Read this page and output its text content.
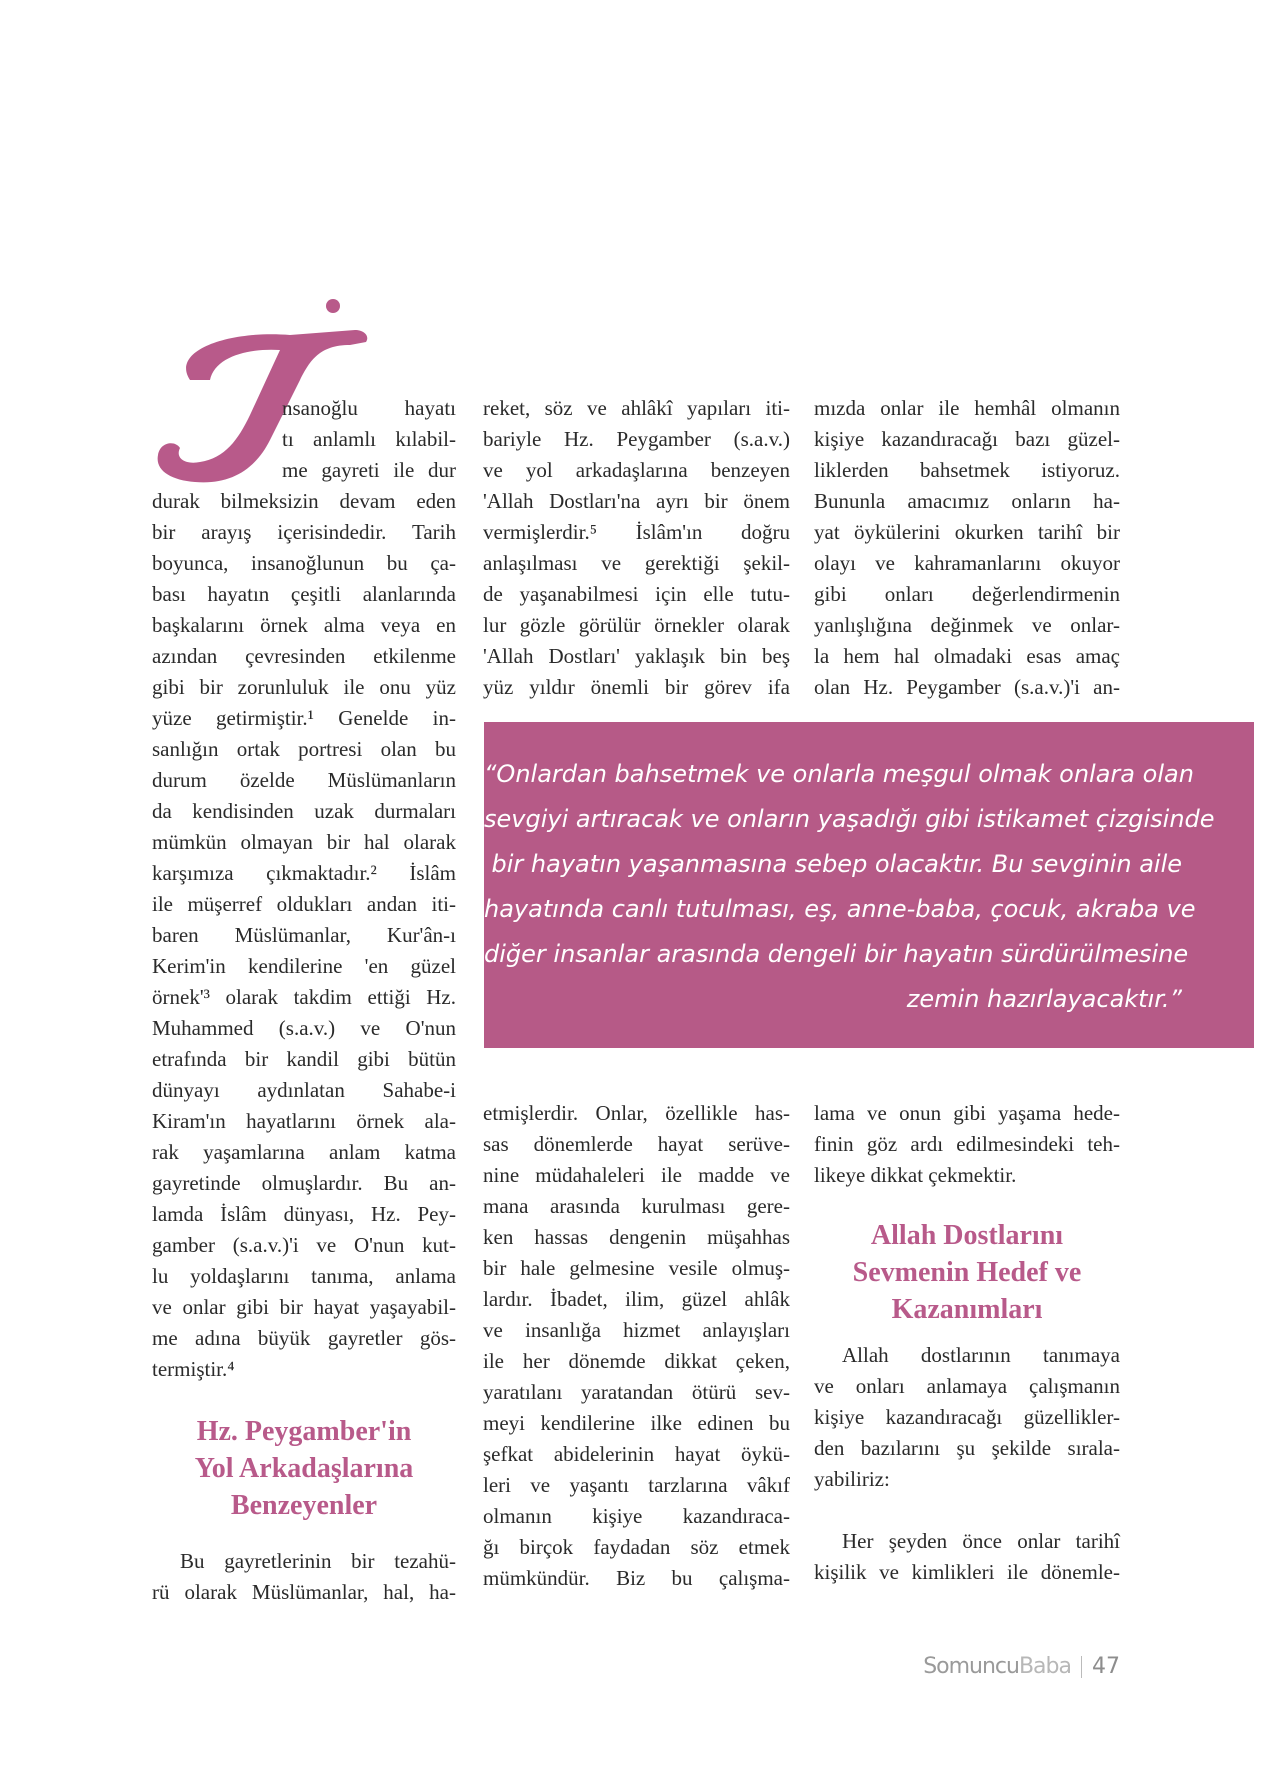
nsanoğlu hayatı
tı anlamlı kılabil-
me gayreti ile dur
durak bilmeksizin devam eden
bir arayış içerisindedir. Tarih
boyunca, insanoğlunun bu ça-
bası hayatın çeşitli alanlarında
başkalarını örnek alma veya en
azından çevresinden etkilenme
gibi bir zorunluluk ile onu yüz
yüze getirmiştir.¹ Genelde in-
sanlığın ortak portresi olan bu
durum özelde Müslümanların
da kendisinden uzak durmaları
mümkün olmayan bir hal olarak
karşımıza çıkmaktadır.² İslâm
ile müşerref oldukları andan iti-
baren Müslümanlar, Kur'ân-ı
Kerim'in kendilerine 'en güzel
örnek'³ olarak takdim ettiği Hz.
Muhammed (s.a.v.) ve O'nun
etrafında bir kandil gibi bütün
dünyayı aydınlatan Sahabe-i
Kiram'ın hayatlarını örnek ala-
rak yaşamlarına anlam katma
gayretinde olmuşlardır. Bu an-
lamda İslâm dünyası, Hz. Pey-
gamber (s.a.v.)'i ve O'nun kut-
lu yoldaşlarını tanıma, anlama
ve onlar gibi bir hayat yaşayabil-
me adına büyük gayretler gös-
termiştir.⁴
Hz. Peygamber'in
Yol Arkadaşlarına
Benzeyenler
Bu gayretlerinin bir tezahü-
rü olarak Müslümanlar, hal, ha-
reket, söz ve ahlâkî yapıları iti-
bariyle Hz. Peygamber (s.a.v.)
ve yol arkadaşlarına benzeyen
'Allah Dostları'na ayrı bir önem
vermişlerdir.⁵ İslâm'ın doğru
anlaşılması ve gerektiği şekil-
de yaşanabilmesi için elle tutu-
lur gözle görülür örnekler olarak
'Allah Dostları' yaklaşık bin beş
yüz yıldır önemli bir görev ifa
mızda onlar ile hemhâl olmanın
kişiye kazandıracağı bazı güzel-
liklerden bahsetmek istiyoruz.
Bununla amacımız onların ha-
yat öykülerini okurken tarihî bir
olayı ve kahramanlarını okuyor
gibi onları değerlendirmenin
yanlışlığına değinmek ve onlar-
la hem hal olmadaki esas amaç
olan Hz. Peygamber (s.a.v.)'i an-
“Onlardan bahsetmek ve onlarla meşgul olmak onlara olan
sevgiyi artıracak ve onların yaşadığı gibi istikamet çizgisinde
bir hayatın yaşanmasına sebep olacaktır. Bu sevginin aile
hayatında canlı tutulması, eş, anne-baba, çocuk, akraba ve
diğer insanlar arasında dengeli bir hayatın sürdürülmesine
zemin hazırlayacaktır.”
etmişlerdir. Onlar, özellikle has-
sas dönemlerde hayat serüve-
nine müdahaleleri ile madde ve
mana arasında kurulması gere-
ken hassas dengenin müşahhas
bir hale gelmesine vesile olmuş-
lardır. İbadet, ilim, güzel ahlâk
ve insanlığa hizmet anlayışları
ile her dönemde dikkat çeken,
yaratılanı yaratandan ötürü sev-
meyi kendilerine ilke edinen bu
şefkat abidelerinin hayat öykü-
leri ve yaşantı tarzlarına vâkıf
olmanın kişiye kazandıraca-
ğı birçok faydadan söz etmek
mümkündür. Biz bu çalışma-
lama ve onun gibi yaşama hede-
finin göz ardı edilmesindeki teh-
likeye dikkat çekmektir.
Allah Dostlarını
Sevmenin Hedef ve
Kazanımları
Allah dostlarının tanımaya
ve onları anlamaya çalışmanın
kişiye kazandıracağı güzellikler-
den bazılarını şu şekilde sırala-
yabiliriz:
Her şeyden önce onlar tarihî
kişilik ve kimlikleri ile dönemle-
SomuncuBaba 47
